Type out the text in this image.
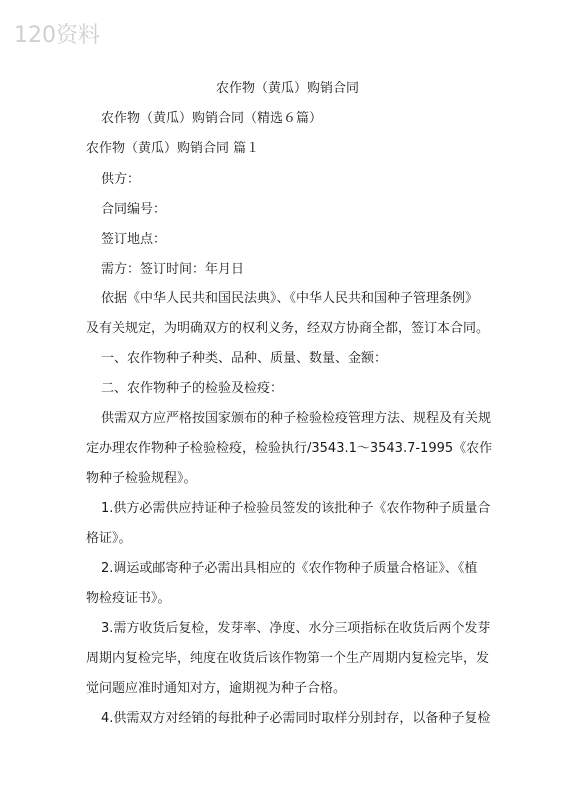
120资料
农作物（黄瓜）购销合同
农作物（黄瓜）购销合同（精选６篇）
农作物（黄瓜）购销合同 篇１
供方：
合同编号：
签订地点：
需方：签订时间：年月日
依据《中华人民共和国民法典》、《中华人民共和国种子管理条例》
及有关规定，为明确双方的权利义务，经双方协商全都，签订本合同。
一、农作物种子种类、品种、质量、数量、金额：
二、农作物种子的检验及检疫：
供需双方应严格按国家颁布的种子检验检疫管理方法、规程及有关规
定办理农作物种子检验检疫，检验执行/3543.1～3543.7-1995《农作
物种子检验规程》。
1.供方必需供应持证种子检验员签发的该批种子《农作物种子质量合
格证》。
2.调运或邮寄种子必需出具相应的《农作物种子质量合格证》、《植
物检疫证书》。
3.需方收货后复检，发芽率、净度、水分三项指标在收货后两个发芽
周期内复检完毕，纯度在收货后该作物第一个生产周期内复检完毕，发
觉问题应准时通知对方，逾期视为种子合格。
4.供需双方对经销的每批种子必需同时取样分别封存，以备种子复检
